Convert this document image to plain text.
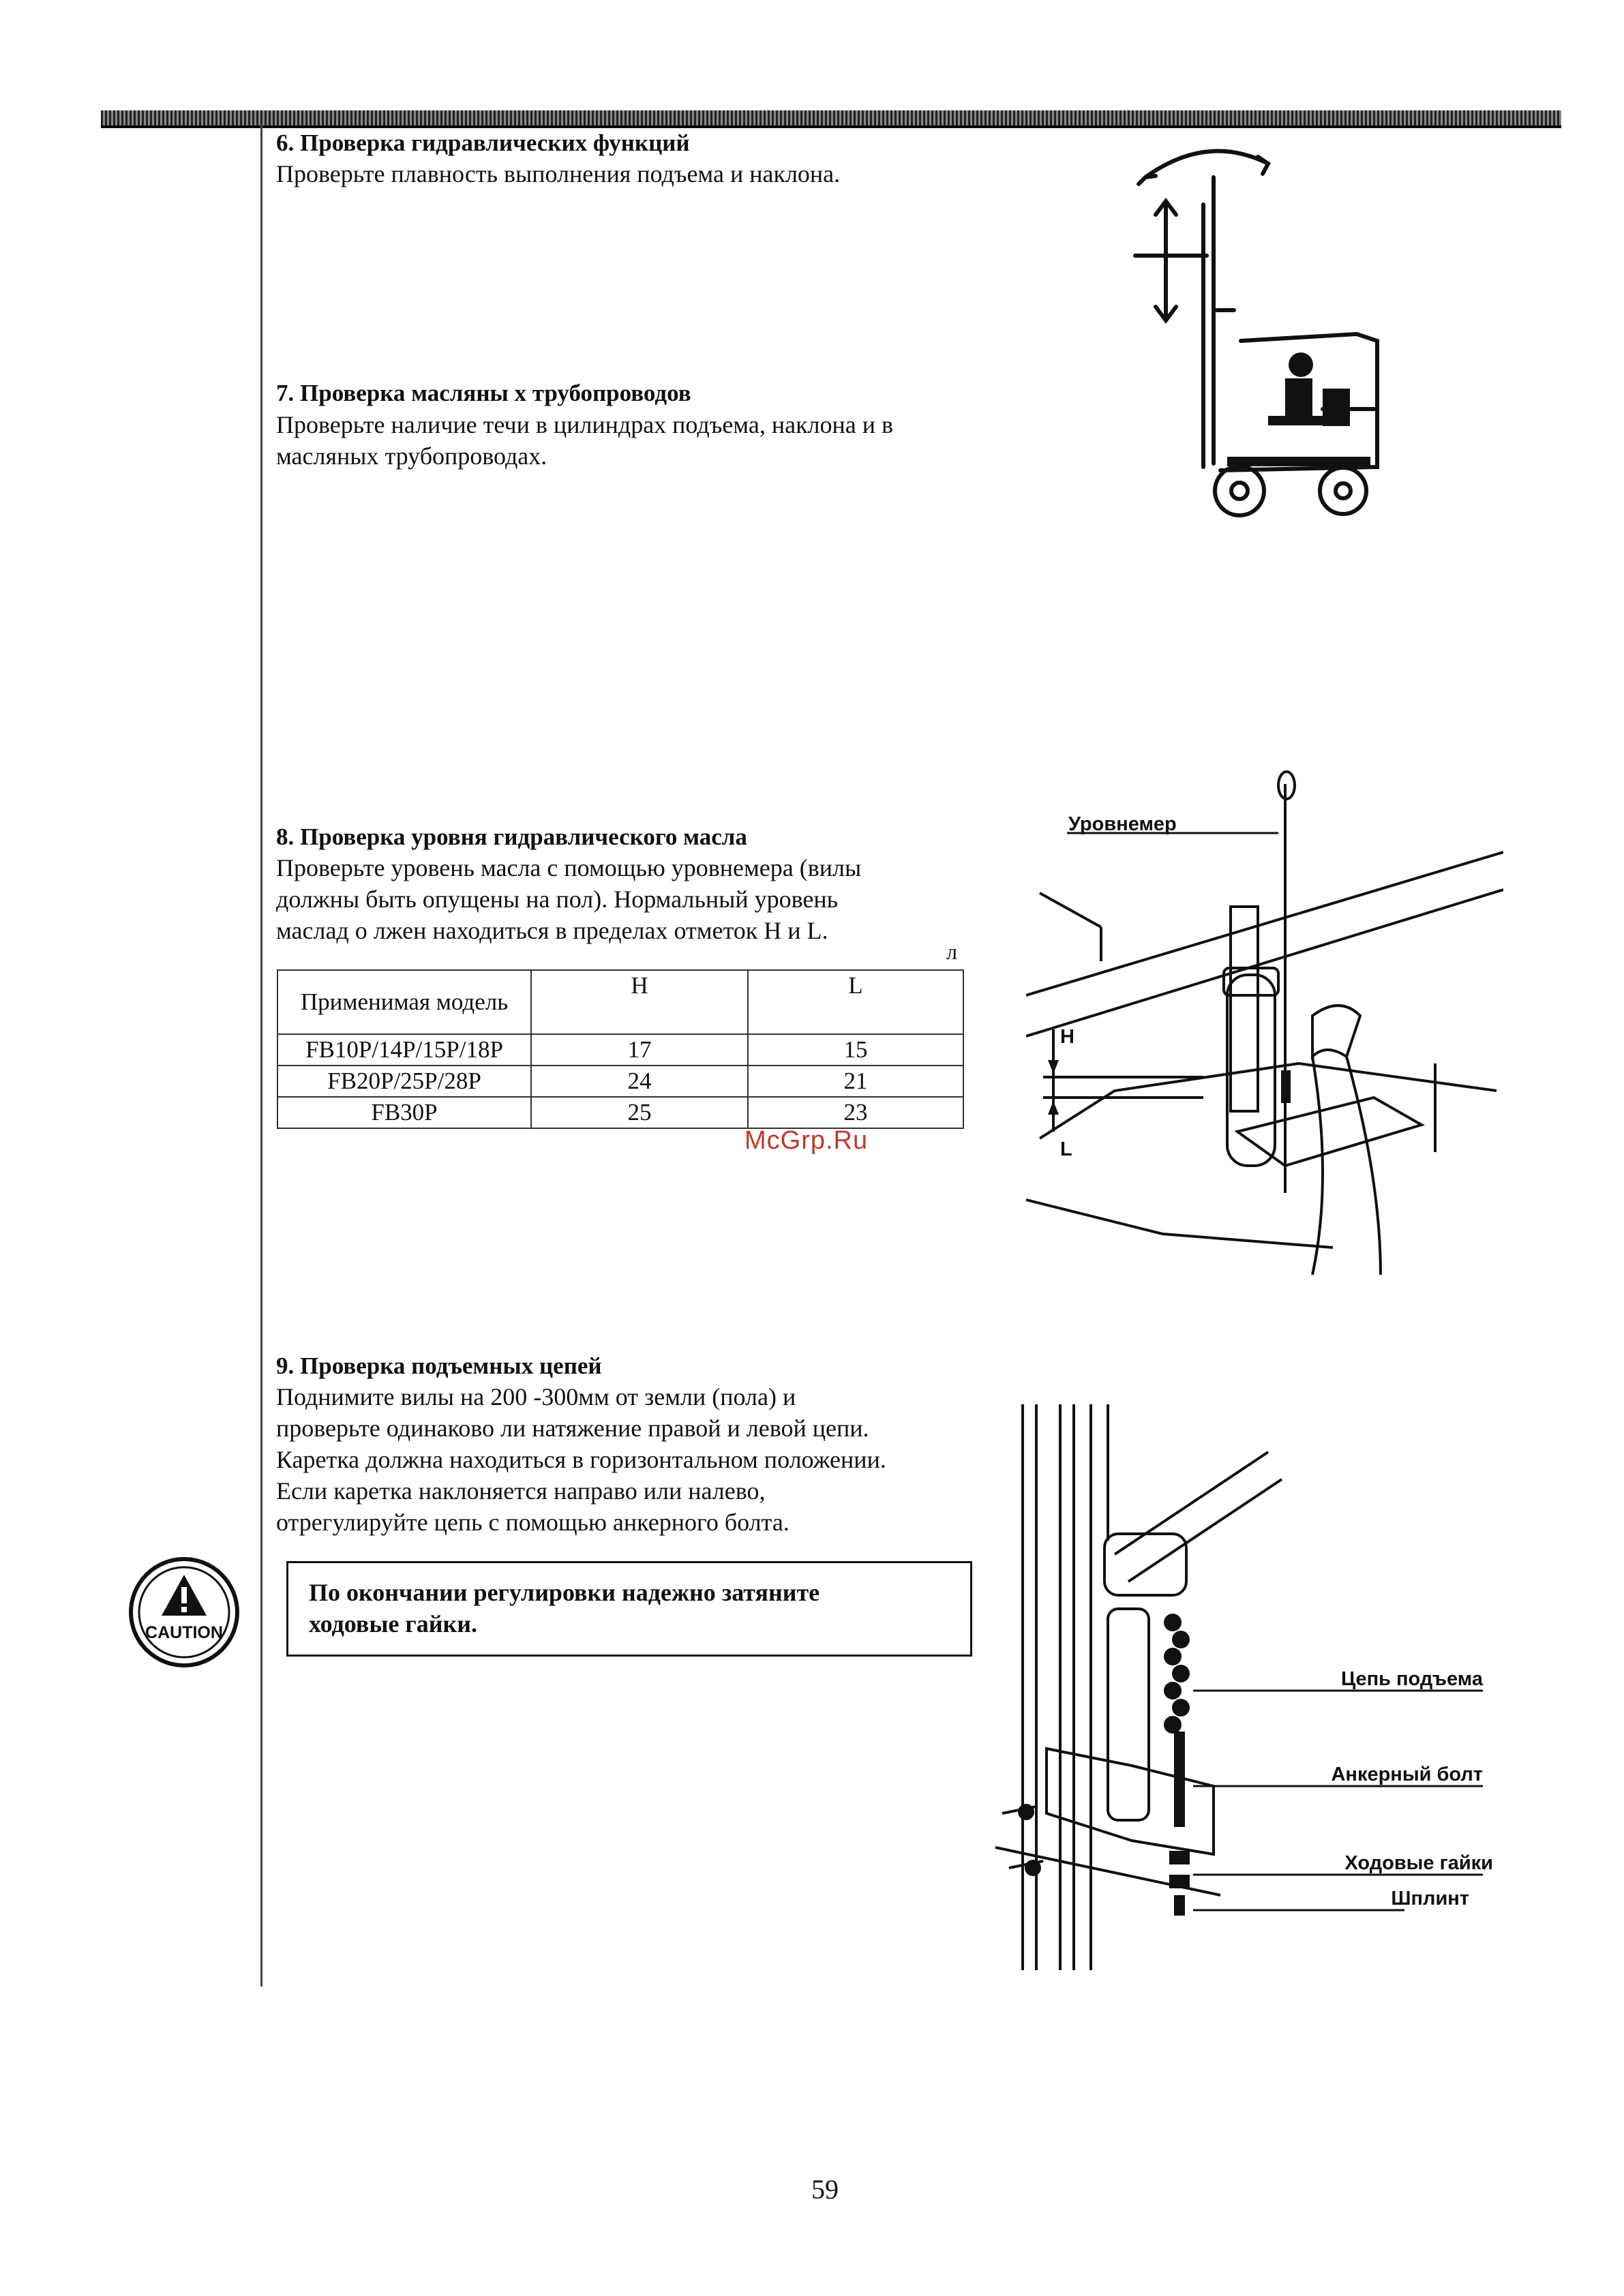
6. Проверка гидравлических функций
Проверьте плавность выполнения подъема и наклона.
7. Проверка масляны х трубопроводов
Проверьте наличие течи в цилиндрах подъема, наклона и в
масляных трубопроводах.
8. Проверка уровня гидравлического масла
Проверьте уровень масла с помощью уровнемера (вилы
должны быть опущены на пол). Нормальный уровень
маслад о лжен находиться в пределах отметок H и L.
л
Применимая модель	H	L
FB10P/14P/15P/18P	17	15
FB20P/25P/28P	24	21
FB30P	25	23
McGrp.Ru
9. Проверка подъемных цепей
Поднимите вилы на 200 -300мм от земли (пола) и
проверьте одинаково ли натяжение правой и левой цепи.
Каретка должна находиться в горизонтальном положении.
Если каретка наклоняется направо или налево,
отрегулируйте цепь с помощью анкерного болта.
CAUTION
По окончании регулировки надежно затяните
ходовые гайки.
Уровнемер
H
L
Цепь подъема
Анкерный болт
Ходовые гайки
Шплинт
59
